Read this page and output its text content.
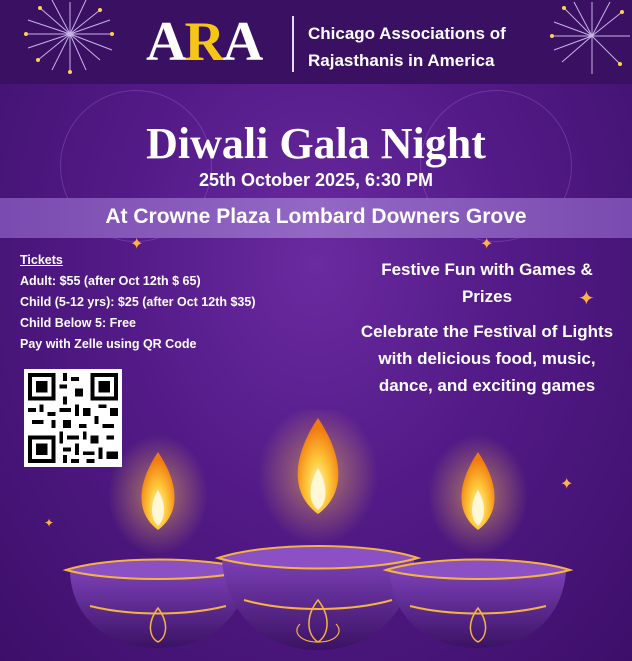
ARA	Chicago Associations of
Rajasthanis in America
Diwali Gala Night
25th October 2025, 6:30 PM
At Crowne Plaza Lombard Downers Grove
✦	✦
✦
✦
✦
Tickets
Adult: $55 (after Oct 12th $ 65)
Child (5-12 yrs): $25 (after Oct 12th $35)
Child Below 5: Free
Pay with Zelle using QR Code
Festive Fun with Games & Prizes
Celebrate the Festival of Lights with delicious food, music, dance, and exciting games
